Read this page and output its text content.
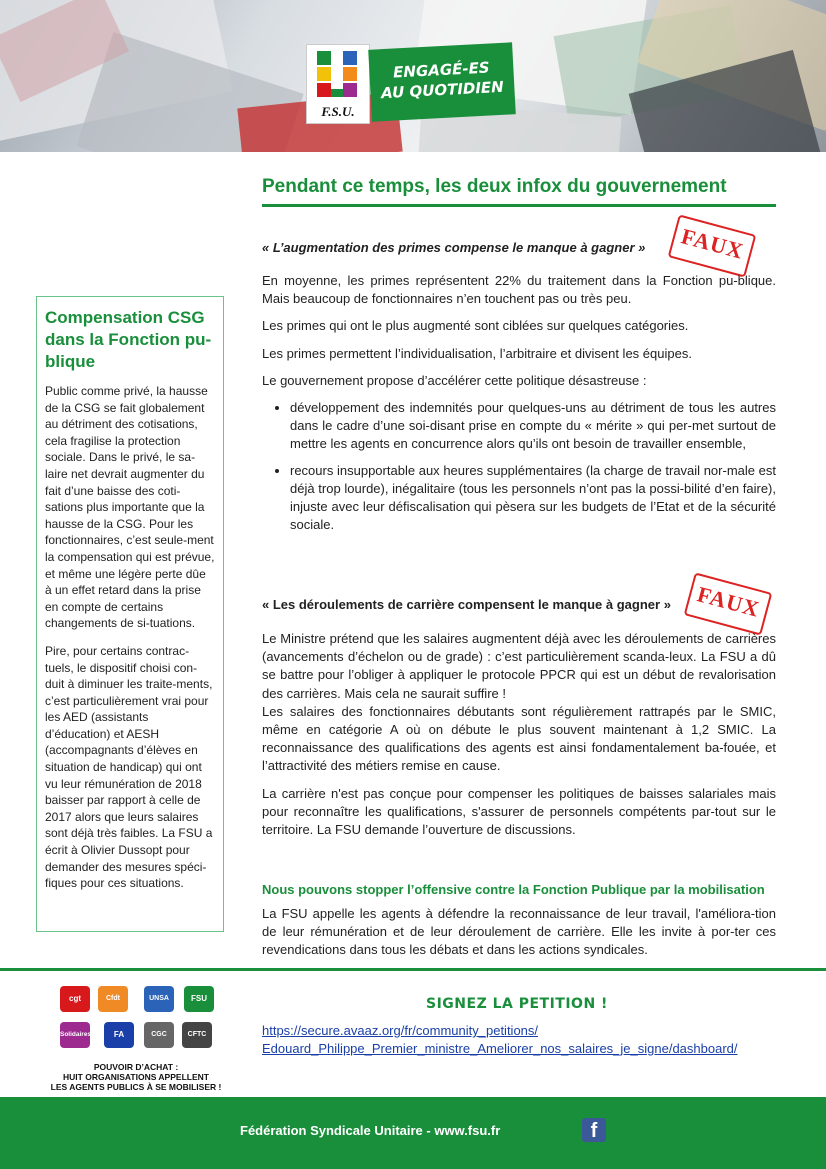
F.S.U.
ENGAGÉ-ES
AU QUOTIDIEN
Compensation CSG dans la Fonction pu-blique

Public comme privé, la hausse de la CSG se fait globalement au détriment des cotisations, cela fragilise la protection sociale. Dans le privé, le sa-laire net devrait augmenter du fait d’une baisse des coti-sations plus importante que la hausse de la CSG. Pour les fonctionnaires, c’est seule-ment la compensation qui est prévue, et même une légère perte dûe à un effet retard dans la prise en compte de certains changements de si-tuations.

Pire, pour certains contrac-tuels, le dispositif choisi con-duit à diminuer les traite-ments, c’est particulièrement vrai pour les AED (assistants d’éducation) et AESH (accompagnants d’élèves en situation de handicap) qui ont vu leur rémunération de 2018 baisser par rapport à celle de 2017 alors que leurs salaires sont déjà très faibles. La FSU a écrit à Olivier Dussopt pour demander des mesures spéci-fiques pour ces situations.

Pendant ce temps, les deux infox du gouvernement
« L’augmentation des primes compense le manque à gagner »	FAUX

En moyenne, les primes représentent 22% du traitement dans la Fonction pu-blique. Mais beaucoup de fonctionnaires n’en touchent pas ou très peu.

Les primes qui ont le plus augmenté sont ciblées sur quelques catégories.

Les primes permettent l’individualisation, l’arbitraire et divisent les équipes.

Le gouvernement propose d’accélérer cette politique désastreuse :

• développement des indemnités pour quelques-uns au détriment de tous les autres dans le cadre d’une soi-disant prise en compte du « mérite » qui per-met surtout de mettre les agents en concurrence alors qu’ils ont besoin de travailler ensemble,
• recours insupportable aux heures supplémentaires (la charge de travail nor-male est déjà trop lourde), inégalitaire (tous les personnels n’ont pas la possi-bilité d’en faire), injuste avec leur défiscalisation qui pèsera sur les budgets de l’Etat et de la sécurité sociale.
« Les déroulements de carrière compensent le manque à gagner »	FAUX

Le Ministre prétend que les salaires augmentent déjà avec les déroulements de carrières (avancements d’échelon ou de grade) : c’est particulièrement scanda-leux. La FSU a dû se battre pour l’obliger à appliquer le protocole PPCR qui est un début de revalorisation des carrières. Mais cela ne saurait suffire !

Les salaires des fonctionnaires débutants sont régulièrement rattrapés par le SMIC, même en catégorie A où on débute le plus souvent maintenant à 1,2 SMIC. La reconnaissance des qualifications des agents est ainsi fondamentalement ba-fouée, et l’attractivité des métiers remise en cause.

La carrière n'est pas conçue pour compenser les politiques de baisses salariales mais pour reconnaître les qualifications, s'assurer de personnels compétents par-tout sur le territoire. La FSU demande l’ouverture de discussions.

Nous pouvons stopper l’offensive contre la Fonction Publique par la mobilisation

La FSU appelle les agents à défendre la reconnaissance de leur travail, l'améliora-tion de leur rémunération et de leur déroulement de carrière. Elle les invite à por-ter ces revendications dans tous les débats et dans les actions syndicales.

cgt	Cfdt	UNSA	FSU
Solidaires	FA	CGC	CFTC
POUVOIR D’ACHAT :
HUIT ORGANISATIONS APPELLENT
LES AGENTS PUBLICS À SE MOBILISER !
SIGNEZ LA PETITION !
https://secure.avaaz.org/fr/community_petitions/
Edouard_Philippe_Premier_ministre_Ameliorer_nos_salaires_je_signe/dashboard/
Fédération Syndicale Unitaire - www.fsu.fr	f
